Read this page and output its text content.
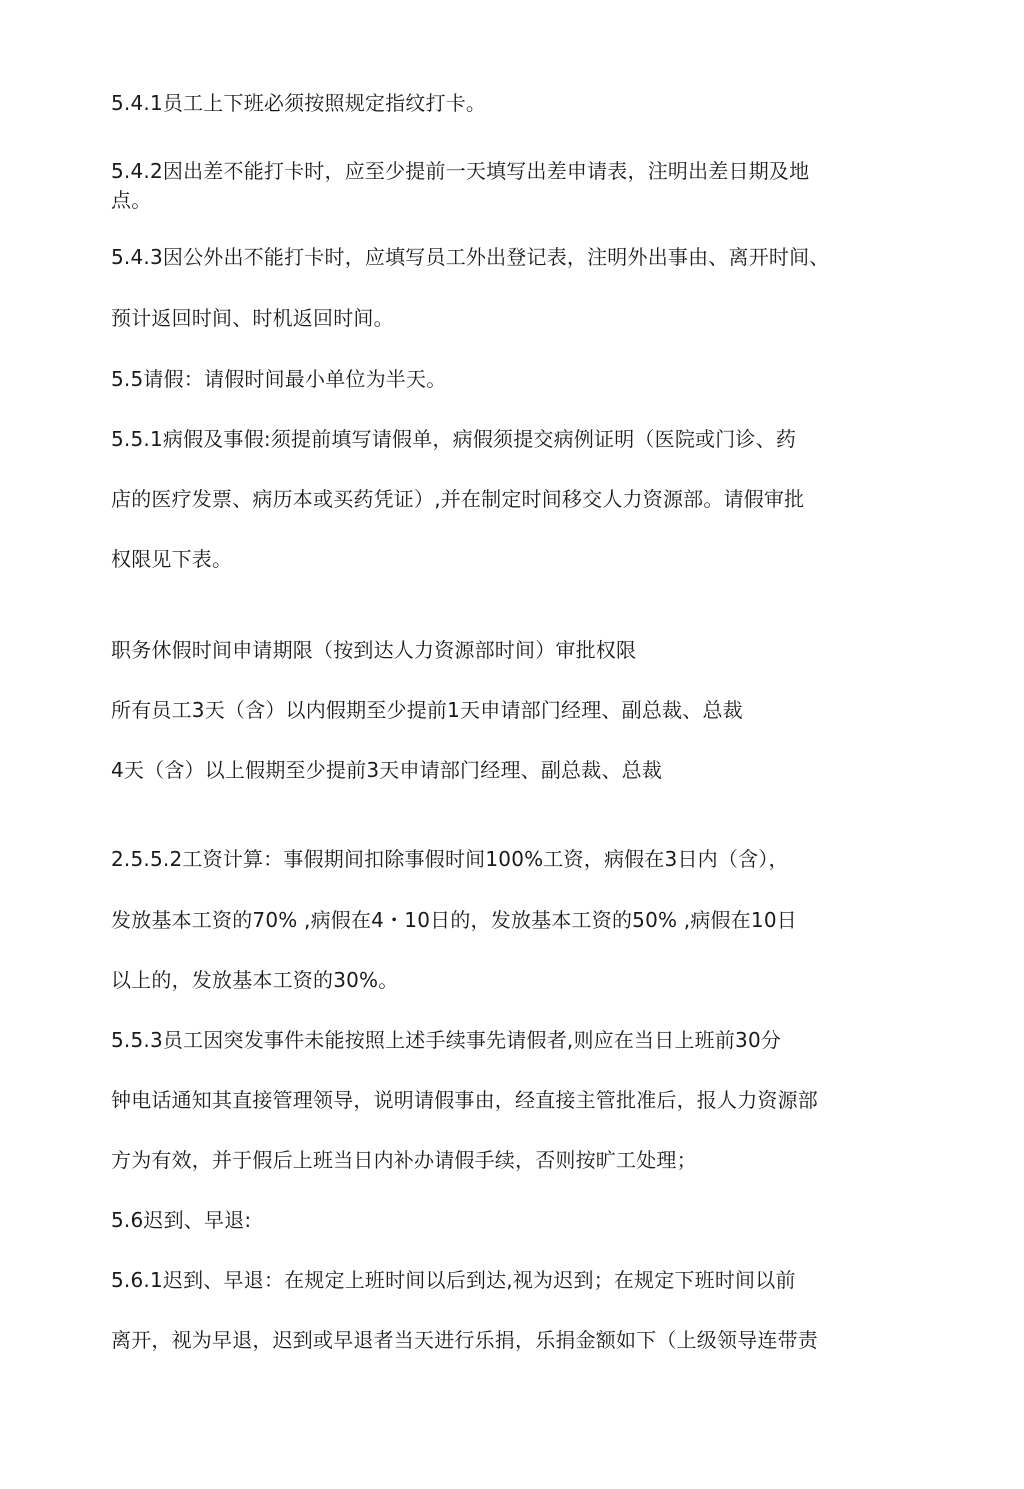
5.4.1员工上下班必须按照规定指纹打卡。
5.4.2因出差不能打卡时，应至少提前一天填写出差申请表，注明出差日期及地
点。
5.4.3因公外出不能打卡时，应填写员工外出登记表，注明外出事由、离开时间、
预计返回时间、时机返回时间。
5.5请假：请假时间最小单位为半天。
5.5.1病假及事假:须提前填写请假单，病假须提交病例证明（医院或门诊、药
店的医疗发票、病历本或买药凭证）,并在制定时间移交人力资源部。请假审批
权限见下表。
职务休假时间申请期限（按到达人力资源部时间）审批权限
所有员工3天（含）以内假期至少提前1天申请部门经理、副总裁、总裁
4天（含）以上假期至少提前3天申请部门经理、副总裁、总裁
2.5.5.2工资计算：事假期间扣除事假时间100%工资，病假在3日内（含），
发放基本工资的70% ,病假在4・10日的，发放基本工资的50% ,病假在10日
以上的，发放基本工资的30%。
5.5.3员工因突发事件未能按照上述手续事先请假者,则应在当日上班前30分
钟电话通知其直接管理领导，说明请假事由，经直接主管批准后，报人力资源部
方为有效，并于假后上班当日内补办请假手续，否则按旷工处理；
5.6迟到、早退:
5.6.1迟到、早退：在规定上班时间以后到达,视为迟到；在规定下班时间以前
离开，视为早退，迟到或早退者当天进行乐捐，乐捐金额如下（上级领导连带责
